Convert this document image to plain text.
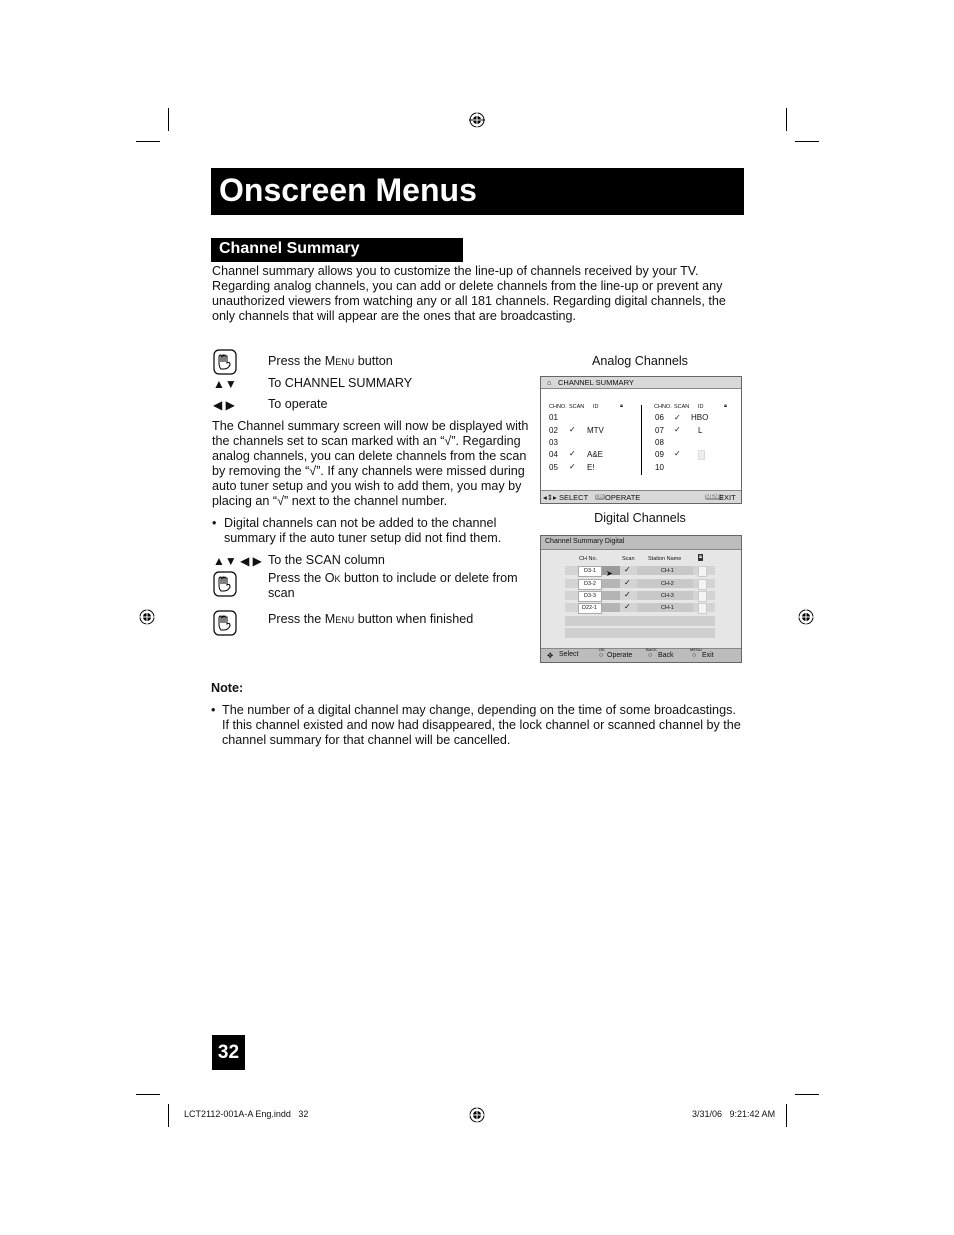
Onscreen Menus
Channel Summary
Channel summary allows you to customize the line-up of channels received by your TV. Regarding analog channels, you can add or delete channels from the line-up or prevent any unauthorized viewers from watching any or all 181 channels. Regarding digital channels, the only channels that will appear are the ones that are broadcasting.
Press the Menu button
▲▼ To CHANNEL SUMMARY
◀ ▶	To operate
The Channel summary screen will now be displayed with
the channels set to scan marked with an “√”. Regarding
analog channels, you can delete channels from the scan
by removing the “√”. If any channels were missed during
auto tuner setup and you wish to add them, you may by
placing an “√” next to the channel number.
• Digital channels can not be added to the channel
summary if the auto tuner setup did not find them.
▲▼ ◀ ▶ To the SCAN column
Press the Ok button to include or delete from
scan
Press the Menu button when finished
Analog Channels
⌂ CHANNEL SUMMARY
CHNO. SCAN ID	🔒︎	CHNO. SCAN ID	🔒︎
01
02 ✓ MTV
03
04 ✓ A&E
05 ✓ E!
06 ✓ HBO
07 ✓ L
08
09 ✓
10
◂⇕▸ SELECT OK OPERATE	MENU
EXIT
Digital Channels
Channel Summary Digital
CH No.	Scan Station Name	🔒︎
D3-1 ➤ ✓	CH-1
D3-2	✓	CH-2
D3-3	✓	CH-3
D22-1	✓	CH-1
✥ Select
OK
○ Operate
BACK
○ Back
MENU
○ Exit
Note:
• The number of a digital channel may change, depending on the time of some broadcastings.
If this channel existed and now had disappeared, the lock channel or scanned channel by the
channel summary for that channel will be cancelled.
32
LCT2112-001A-A Eng.indd   32	3/31/06   9:21:42 AM
